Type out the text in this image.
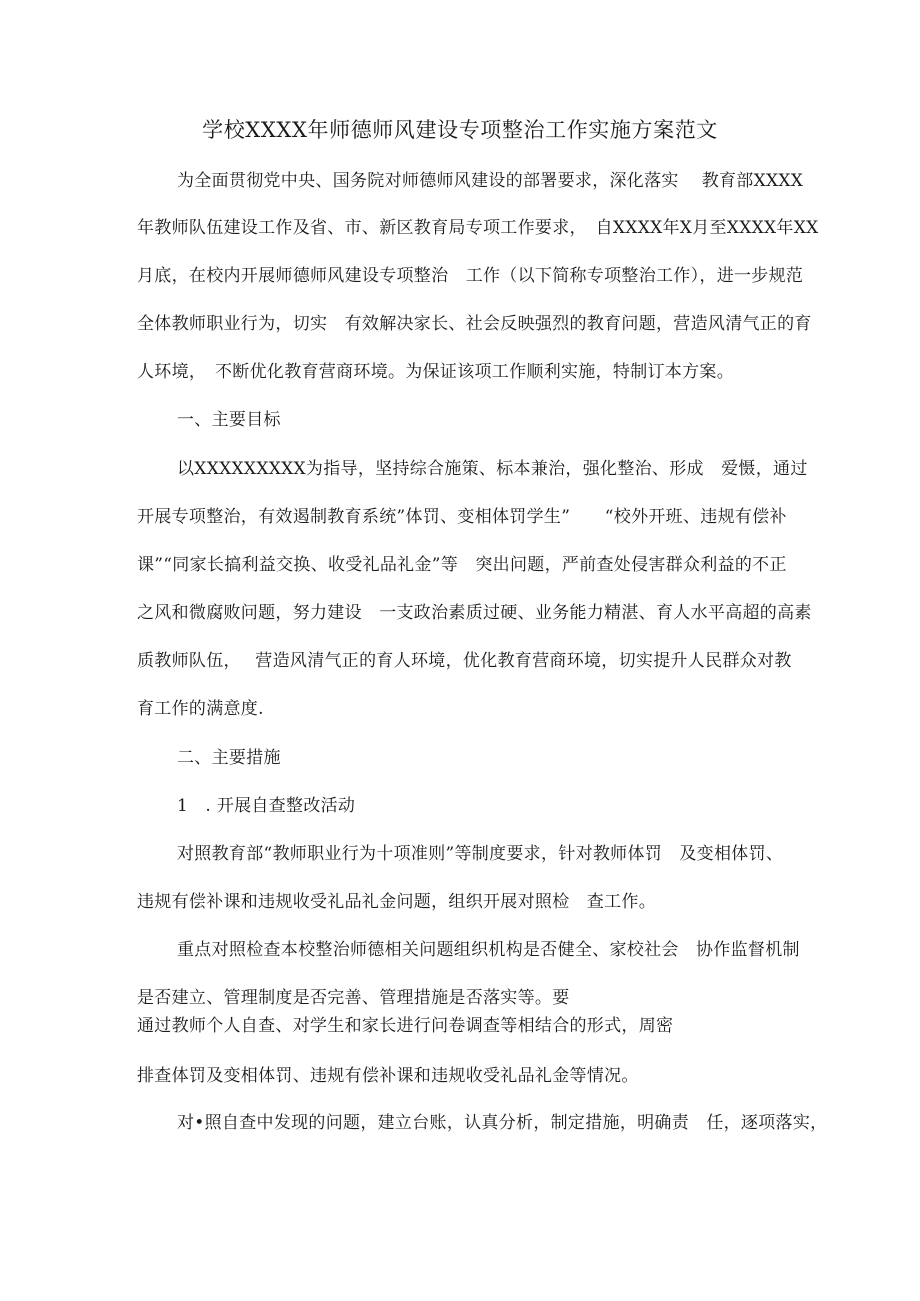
学校XXXX年师德师风建设专项整治工作实施方案范文
为全面贯彻党中央、国务院对师德师风建设的部署要求，深化落实　 教育部XXXX
年教师队伍建设工作及省、市、新区教育局专项工作要求，　自XXXX年X月至XXXX年XX
月底，在校内开展师德师风建设专项整治　工作（以下简称专项整治工作），进一步规范
全体教师职业行为，切实　有效解决家长、社会反映强烈的教育问题，营造风清气正的育
人环境，　不断优化教育营商环境。为保证该项工作顺利实施，特制订本方案。
一、主要目标
以XXXXXXXXX为指导，坚持综合施策、标本兼治，强化整治、形成　爱慑，通过
开展专项整治，有效遏制教育系统”体罚、变相体罚学生”　　“校外开班、违规有偿补
课”“同家长搞利益交换、收受礼品礼金”等　突出问题，严前查处侵害群众利益的不正
之风和微腐败问题，努力建设　一支政治素质过硬、业务能力精湛、育人水平高超的高素
质教师队伍，　 营造风清气正的育人环境，优化教育营商环境，切实提升人民群众对教
育工作的满意度.
二、主要措施
1　. 开展自查整改活动
对照教育部“教师职业行为十项准则”等制度要求，针对教师体罚　及变相体罚、
违规有偿补课和违规收受礼品礼金问题，组织开展对照检　查工作。
重点对照检查本校整治师德相关问题组织机构是否健全、家校社会　协作监督机制
是否建立、管理制度是否完善、管理措施是否落实等。要
通过教师个人自查、对学生和家长进行问卷调查等相结合的形式，周密
排查体罚及变相体罚、违规有偿补课和违规收受礼品礼金等情况。
对•照自查中发现的问题，建立台账，认真分析，制定措施，明确责　任，逐项落实，
